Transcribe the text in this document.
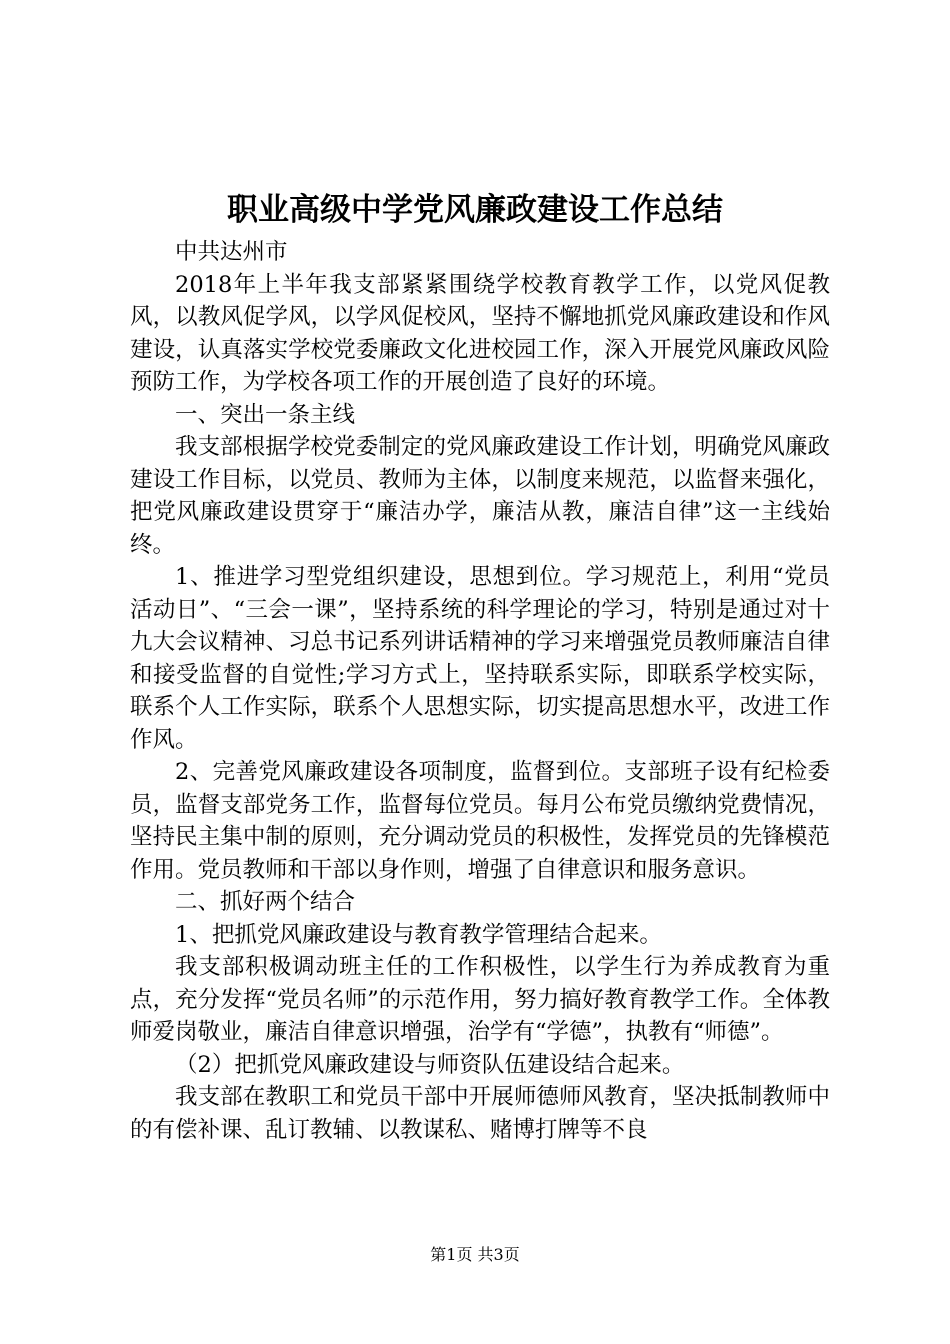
职业高级中学党风廉政建设工作总结

中共达州市

2018年上半年我支部紧紧围绕学校教育教学工作，以党风促教风，以教风促学风，以学风促校风，坚持不懈地抓党风廉政建设和作风建设，认真落实学校党委廉政文化进校园工作，深入开展党风廉政风险预防工作，为学校各项工作的开展创造了良好的环境。

一、突出一条主线

我支部根据学校党委制定的党风廉政建设工作计划，明确党风廉政建设工作目标，以党员、教师为主体，以制度来规范，以监督来强化，把党风廉政建设贯穿于“廉洁办学，廉洁从教，廉洁自律”这一主线始终。

1、推进学习型党组织建设，思想到位。学习规范上，利用“党员活动日”、“三会一课”，坚持系统的科学理论的学习，特别是通过对十九大会议精神、习总书记系列讲话精神的学习来增强党员教师廉洁自律和接受监督的自觉性;学习方式上，坚持联系实际，即联系学校实际，联系个人工作实际，联系个人思想实际，切实提高思想水平，改进工作作风。

2、完善党风廉政建设各项制度，监督到位。支部班子设有纪检委员，监督支部党务工作，监督每位党员。每月公布党员缴纳党费情况，坚持民主集中制的原则，充分调动党员的积极性，发挥党员的先锋模范作用。党员教师和干部以身作则，增强了自律意识和服务意识。

二、抓好两个结合

1、把抓党风廉政建设与教育教学管理结合起来。

我支部积极调动班主任的工作积极性，以学生行为养成教育为重点，充分发挥“党员名师”的示范作用，努力搞好教育教学工作。全体教师爱岗敬业，廉洁自律意识增强，治学有“学德”，执教有“师德”。

（2）把抓党风廉政建设与师资队伍建设结合起来。

我支部在教职工和党员干部中开展师德师风教育，坚决抵制教师中的有偿补课、乱订教辅、以教谋私、赌博打牌等不良

第1页 共3页
